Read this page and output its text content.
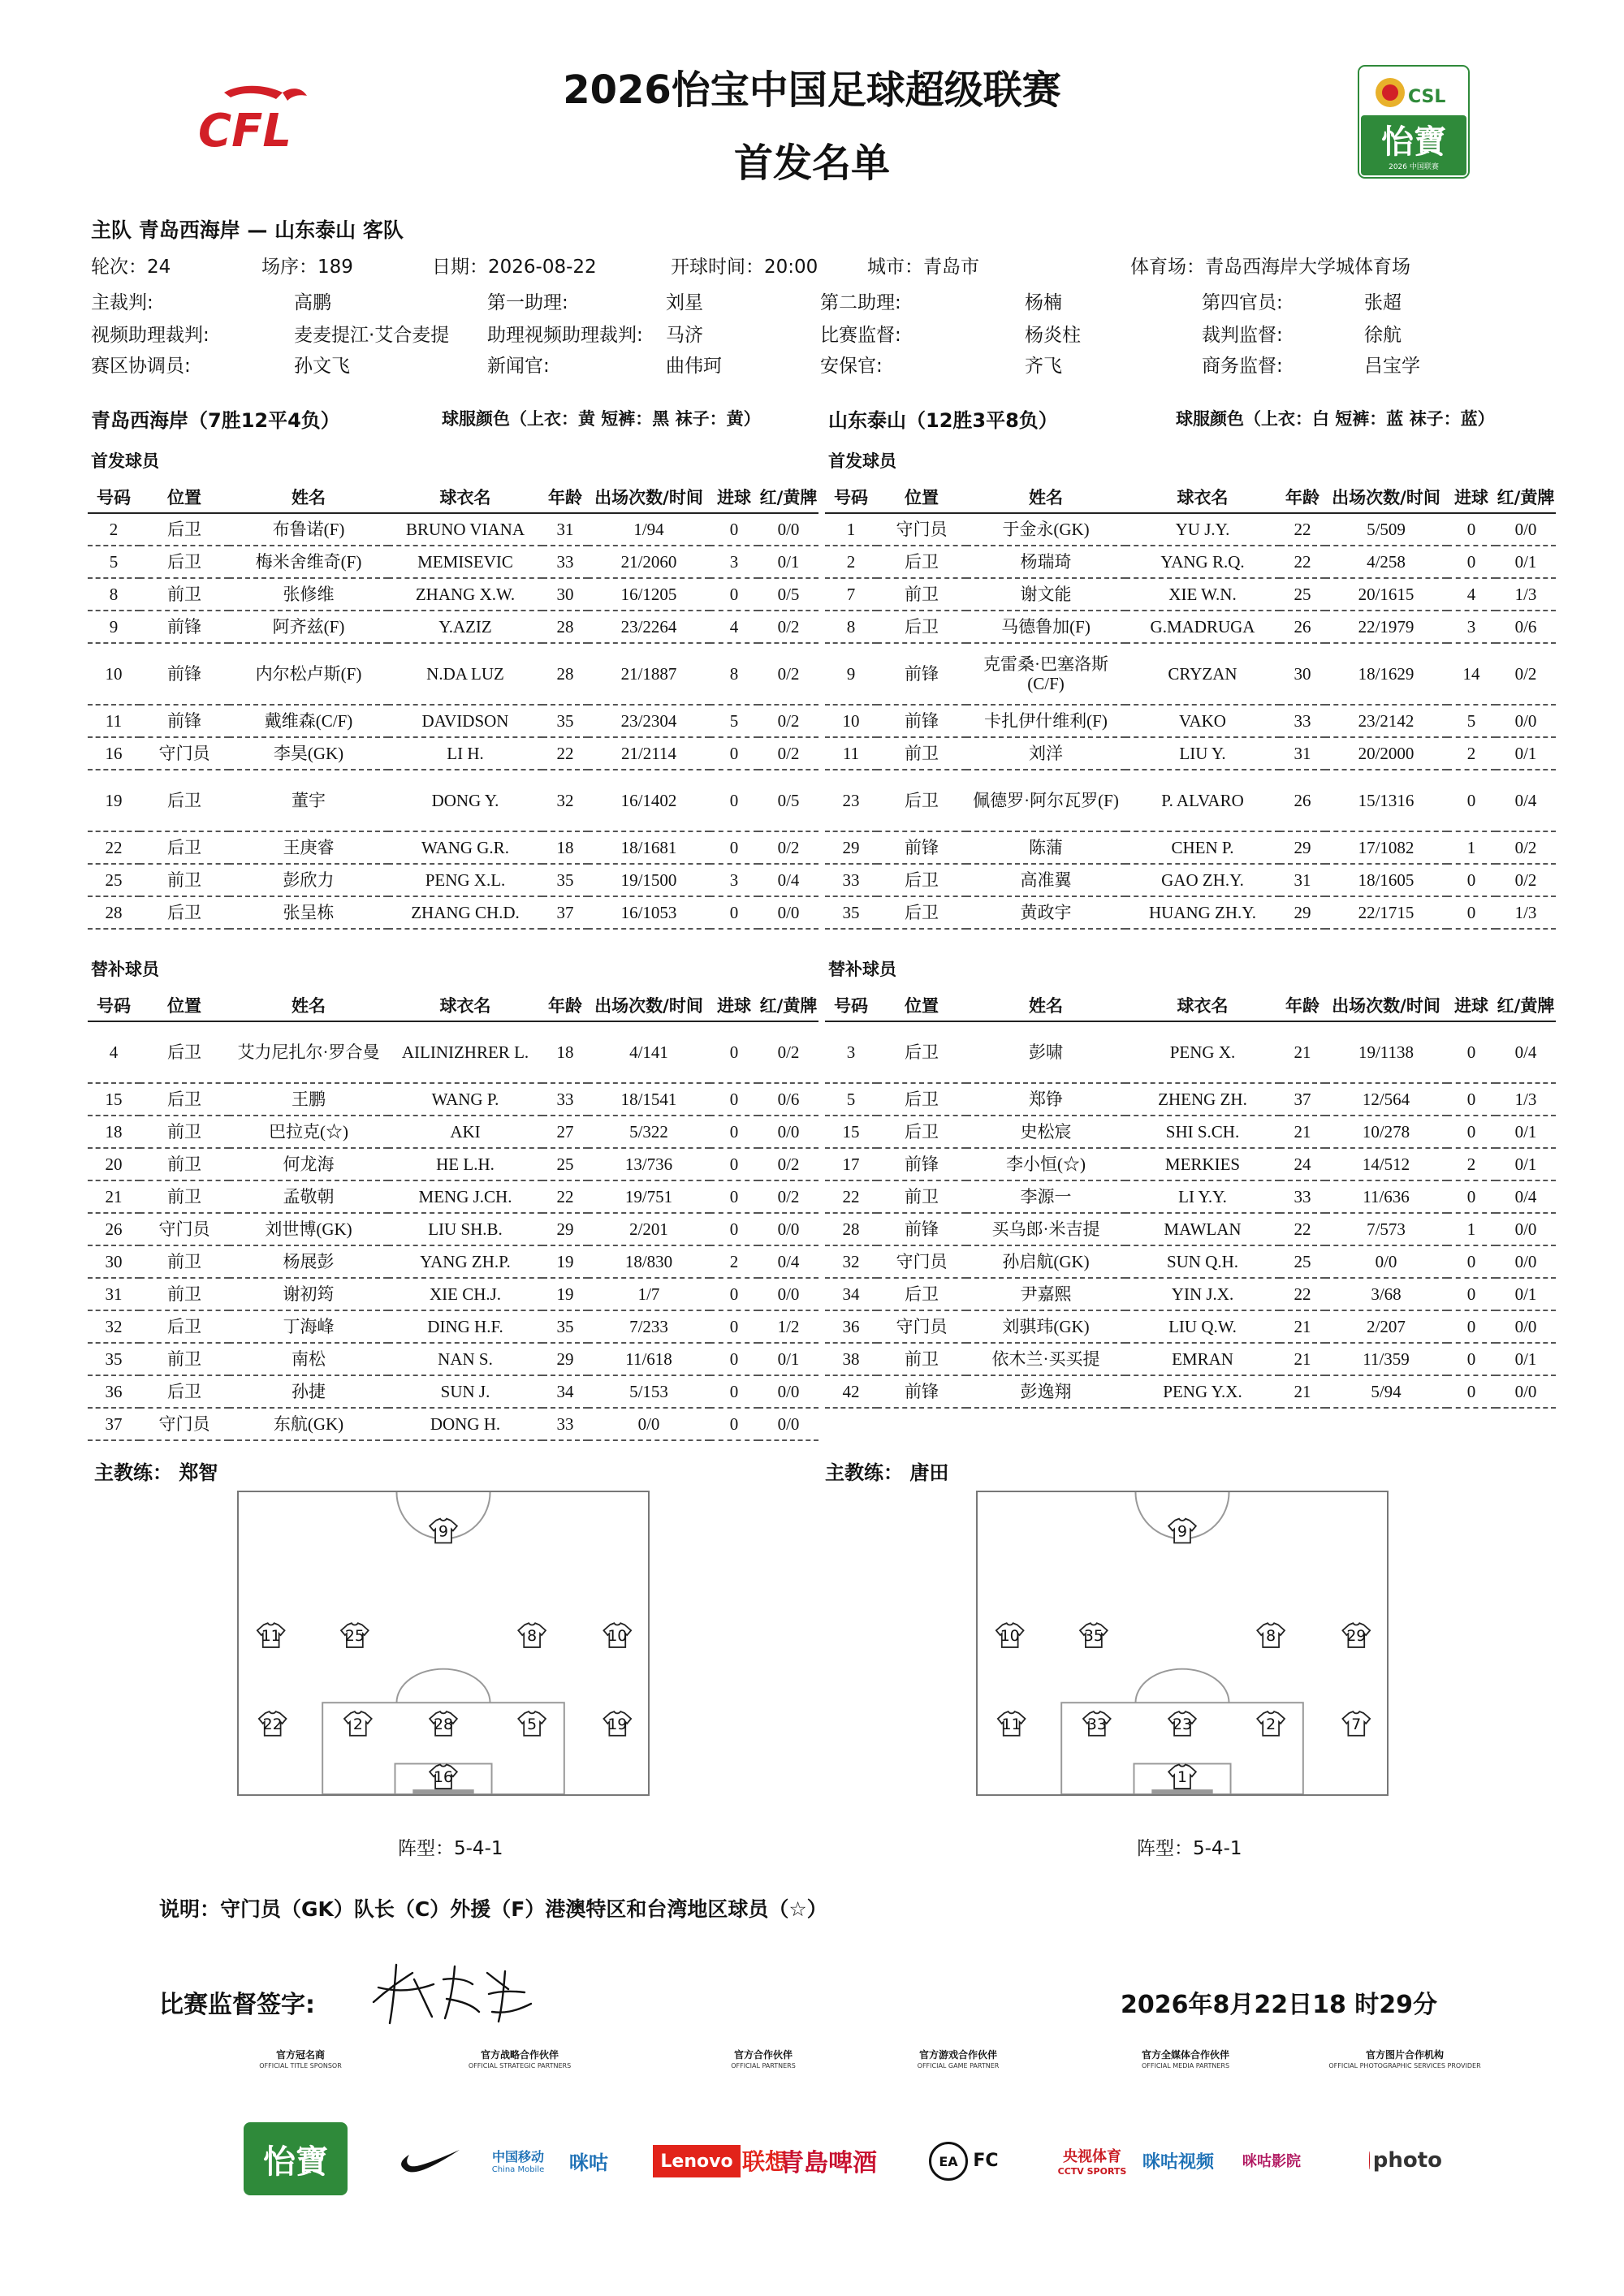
2026怡宝中国足球超级联赛
首发名单
CFL
CSL
怡寶
2026 中国联赛
主队 青岛西海岸 — 山东泰山 客队
轮次：24	场序：189	日期：2026-08-22	开球时间：20:00	城市：青岛市	体育场：青岛西海岸大学城体育场
主裁判:	高鹏	第一助理:	刘星	第二助理:	杨楠	第四官员:	张超
视频助理裁判:	麦麦提江·艾合麦提 助理视频助理裁判: 马济	比赛监督:	杨炎柱	裁判监督:	徐航
赛区协调员:	孙文飞	新闻官:	曲伟珂	安保官:	齐飞	商务监督:	吕宝学
青岛西海岸（7胜12平4负）	球服颜色（上衣：黄 短裤：黑 袜子：黄）	山东泰山（12胜3平8负）	球服颜色（上衣：白 短裤：蓝 袜子：蓝）
首发球员	首发球员
替补球员	替补球员
号码	位置	姓名	球衣名	年龄	出场次数/时间	进球	红/黄牌
2	后卫	布鲁诺(F)	BRUNO VIANA	31	1/94	0	0/0
5	后卫	梅米舍维奇(F)	MEMISEVIC	33	21/2060	3	0/1
8	前卫	张修维	ZHANG X.W.	30	16/1205	0	0/5
9	前锋	阿齐兹(F)	Y.AZIZ	28	23/2264	4	0/2
10	前锋	内尔松卢斯(F)	N.DA LUZ	28	21/1887	8	0/2
11	前锋	戴维森(C/F)	DAVIDSON	35	23/2304	5	0/2
16	守门员	李昊(GK)	LI H.	22	21/2114	0	0/2
19	后卫	董宇	DONG Y.	32	16/1402	0	0/5
22	后卫	王庚睿	WANG G.R.	18	18/1681	0	0/2
25	前卫	彭欣力	PENG X.L.	35	19/1500	3	0/4
28	后卫	张呈栋	ZHANG CH.D.	37	16/1053	0	0/0
号码	位置	姓名	球衣名	年龄	出场次数/时间	进球	红/黄牌
1	守门员	于金永(GK)	YU J.Y.	22	5/509	0	0/0
2	后卫	杨瑞琦	YANG R.Q.	22	4/258	0	0/1
7	前卫	谢文能	XIE W.N.	25	20/1615	4	1/3
8	后卫	马德鲁加(F)	G.MADRUGA	26	22/1979	3	0/6
9	前锋	克雷桑·巴塞洛斯(C/F)	CRYZAN	30	18/1629	14	0/2
10	前锋	卡扎伊什维利(F)	VAKO	33	23/2142	5	0/0
11	前卫	刘洋	LIU Y.	31	20/2000	2	0/1
23	后卫	佩德罗·阿尔瓦罗(F)	P. ALVARO	26	15/1316	0	0/4
29	前锋	陈蒲	CHEN P.	29	17/1082	1	0/2
33	后卫	高准翼	GAO ZH.Y.	31	18/1605	0	0/2
35	后卫	黄政宇	HUANG ZH.Y.	29	22/1715	0	1/3
号码	位置	姓名	球衣名	年龄	出场次数/时间	进球	红/黄牌
4	后卫	艾力尼扎尔·罗合曼	AILINIZHRER L.	18	4/141	0	0/2
15	后卫	王鹏	WANG P.	33	18/1541	0	0/6
18	前卫	巴拉克(☆)	AKI	27	5/322	0	0/0
20	前卫	何龙海	HE L.H.	25	13/736	0	0/2
21	前卫	孟敬朝	MENG J.CH.	22	19/751	0	0/2
26	守门员	刘世博(GK)	LIU SH.B.	29	2/201	0	0/0
30	前卫	杨展彭	YANG ZH.P.	19	18/830	2	0/4
31	前卫	谢初筠	XIE CH.J.	19	1/7	0	0/0
32	后卫	丁海峰	DING H.F.	35	7/233	0	1/2
35	前卫	南松	NAN S.	29	11/618	0	0/1
36	后卫	孙捷	SUN J.	34	5/153	0	0/0
37	守门员	东航(GK)	DONG H.	33	0/0	0	0/0
号码	位置	姓名	球衣名	年龄	出场次数/时间	进球	红/黄牌
3	后卫	彭啸	PENG X.	21	19/1138	0	0/4
5	后卫	郑铮	ZHENG ZH.	37	12/564	0	1/3
15	后卫	史松宸	SHI S.CH.	21	10/278	0	0/1
17	前锋	李小恒(☆)	MERKIES	24	14/512	2	0/1
22	前卫	李源一	LI Y.Y.	33	11/636	0	0/4
28	前锋	买乌郎·米吉提	MAWLAN	22	7/573	1	0/0
32	守门员	孙启航(GK)	SUN Q.H.	25	0/0	0	0/0
34	后卫	尹嘉熙	YIN J.X.	22	3/68	0	0/1
36	守门员	刘骐玮(GK)	LIU Q.W.	21	2/207	0	0/0
38	前卫	依木兰·买买提	EMRAN	21	11/359	0	0/1
42	前锋	彭逸翔	PENG Y.X.	21	5/94	0	0/0
主教练： 郑智	主教练： 唐田
9
11	25	8	10
22	2	28	5	19
16
9
10	35	8	29
11	33	23	2	7
1
阵型：5-4-1	阵型：5-4-1
说明：守门员（GK）队长（C）外援（F）港澳特区和台湾地区球员（☆）
比赛监督签字:	2026年8月22日18 时29分
官方冠名商
OFFICIAL TITLE SPONSOR
官方战略合作伙伴
OFFICIAL STRATEGIC PARTNERS
官方合作伙伴
OFFICIAL PARTNERS
官方游戏合作伙伴
OFFICIAL GAME PARTNER
官方全媒体合作伙伴
OFFICIAL MEDIA PARTNERS
官方图片合作机构
OFFICIAL PHOTOGRAPHIC SERVICES PROVIDER
怡寶	中国移动
China Mobile	咪咕	Lenovo 联想
青島啤酒	EA FC	央视体育
CCTV SPORTS 咪咕视频	咪咕影院	photo
